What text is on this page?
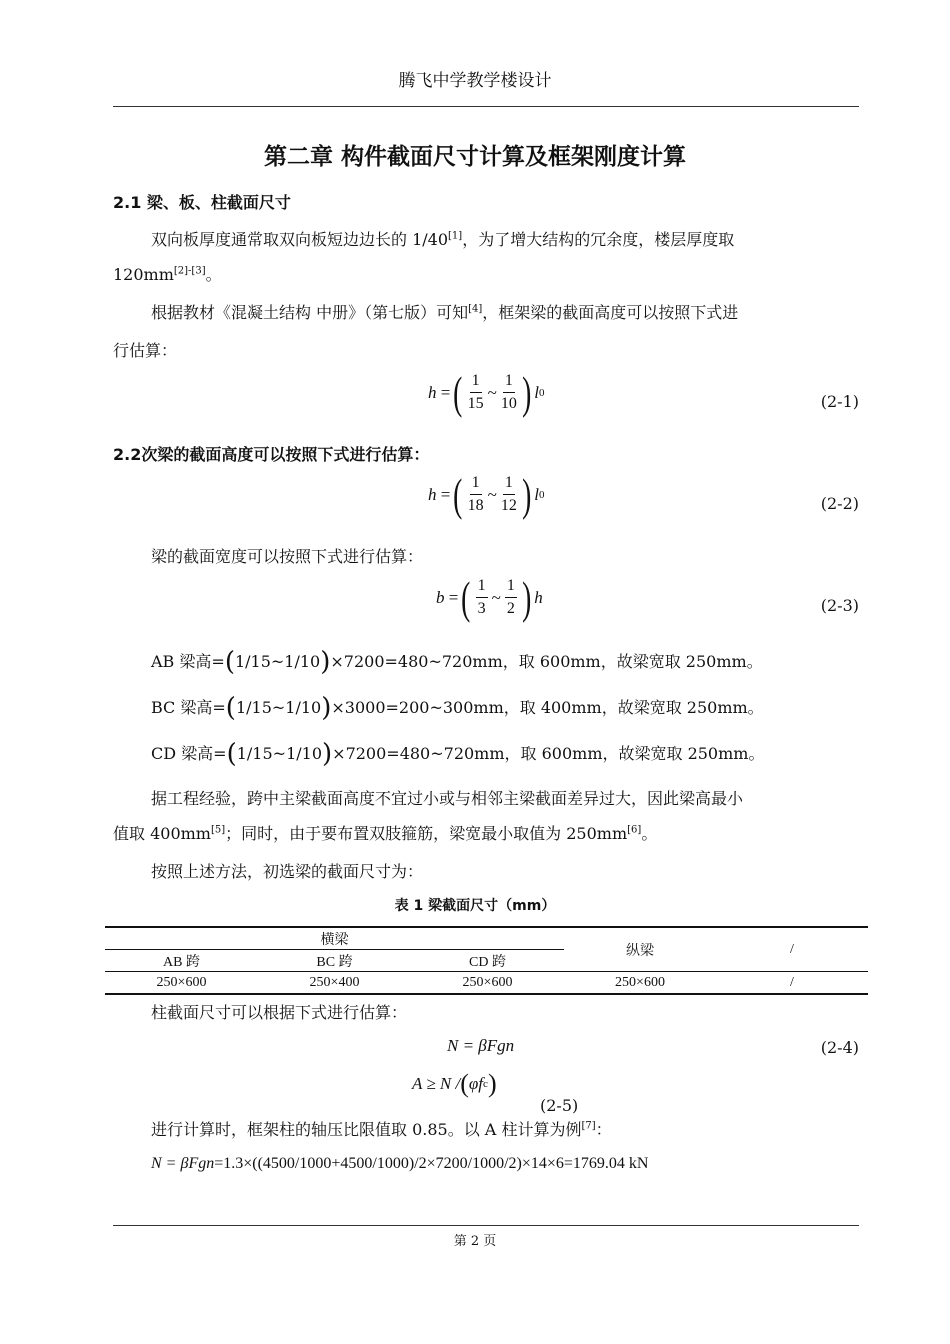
腾飞中学教学楼设计
第二章 构件截面尺寸计算及框架刚度计算
2.1 梁、板、柱截面尺寸
双向板厚度通常取双向板短边边长的 1/40[1]，为了增大结构的冗余度，楼层厚度取
120mm[2]-[3]。
根据教材《混凝土结构 中册》（第七版）可知[4]，框架梁的截面高度可以按照下式进
行估算：
h = ( $\frac{1}{15}$ ~ $\frac{1}{10}$ ) l 0	(2-1)
2.2次梁的截面高度可以按照下式进行估算：
h = ( $\frac{1}{18}$ ~ $\frac{1}{12}$ ) l 0	(2-2)
梁的截面宽度可以按照下式进行估算：
b = ( $\frac{1}{3}$ ~ $\frac{1}{2}$ ) h	(2-3)
AB 梁高=(1/15~1/10)×7200=480~720mm，取 600mm，故梁宽取 250mm。
BC 梁高=(1/15~1/10)×3000=200~300mm，取 400mm，故梁宽取 250mm。
CD 梁高=(1/15~1/10)×7200=480~720mm，取 600mm，故梁宽取 250mm。
据工程经验，跨中主梁截面高度不宜过小或与相邻主梁截面差异过大，因此梁高最小
值取 400mm[5]；同时，由于要布置双肢箍筋，梁宽最小取值为 250mm[6]。
按照上述方法，初选梁的截面尺寸为：
表 1 梁截面尺寸（mm）
横梁			纵梁	/
AB 跨	BC 跨	CD 跨		
250×600	250×400	250×600	250×600	/
柱截面尺寸可以根据下式进行估算：
N = βFgn	(2-4)
A ≥ N / ( φf c )
(2-5)
进行计算时，框架柱的轴压比限值取 0.85。以 A 柱计算为例[7]：
N = βFgn=1.3×((4500/1000+4500/1000)/2×7200/1000/2)×14×6=1769.04 kN
第 2 页
